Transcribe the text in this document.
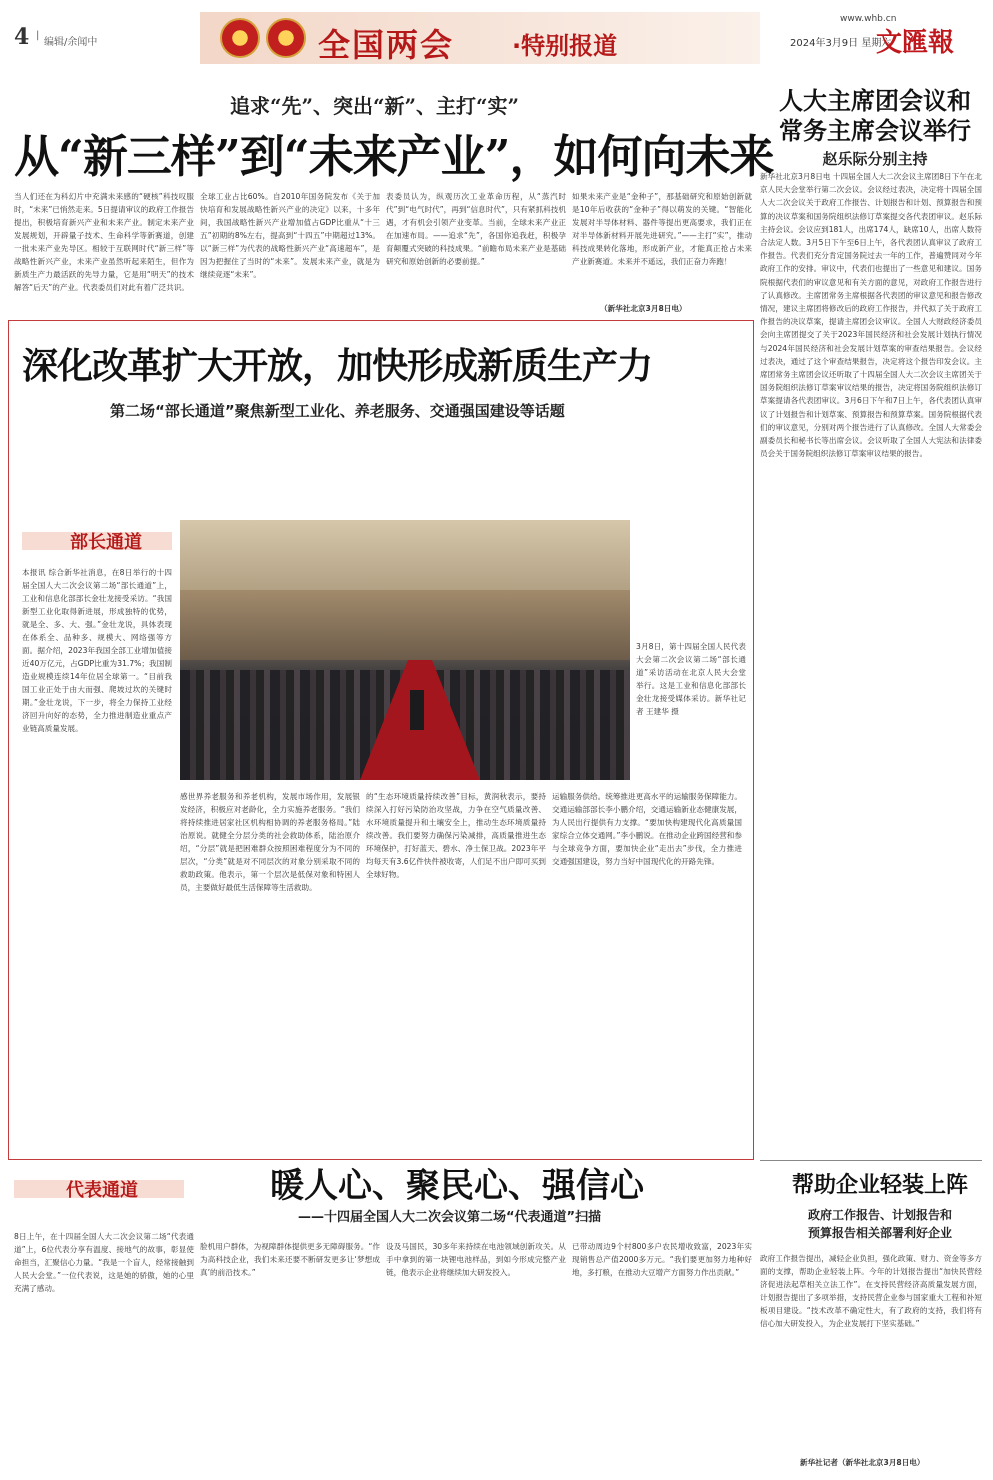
4 |
编辑/余闻中	全国两会 ·特别报道
www.whb.cn
2024年3月9日 星期六
文匯報
追求“先”、突出“新”、主打“实”
从“新三样”到“未来产业”，如何向未来
当人们还在为科幻片中充满未来感的“硬核”科技叹服时，“未来”已悄然走来。5日提请审议的政府工作报告提出，积极培育新兴产业和未来产业。制定未来产业发展规划，开辟量子技术、生命科学等新赛道，创建一批未来产业先导区。相较于互联网时代“新三样”等战略性新兴产业，未来产业虽然听起来陌生，但作为新质生产力最活跃的先导力量，它是用“明天”的技术解答“后天”的产业。代表委员们对此有着广泛共识。
全球工业占比60%。自2010年国务院发布《关于加快培育和发展战略性新兴产业的决定》以来，十多年间，我国战略性新兴产业增加值占GDP比重从“十三五”初期的8%左右，提高到“十四五”中期超过13%。以“新三样”为代表的战略性新兴产业“高速超车”，是因为把握住了当时的“未来”。发展未来产业，就是为继续竞逐“未来”。
表委员认为，纵观历次工业革命历程，从“蒸汽时代”到“电气时代”，再到“信息时代”，只有紧抓科技机遇，才有机会引领产业变革。当前，全球未来产业正在加速布局。——追求“先”，各国你追我赶，积极孕育颠覆式突破的科技成果。“前瞻布局未来产业是基础研究和原始创新的必要前提。”
如果未来产业是“金种子”，那基础研究和原始创新就是10年后收获的“金种子”得以萌发的关键。“智能化发展对半导体材料、器件等提出更高要求，我们正在对半导体新材料开展先进研究。”——主打“实”，推动科技成果转化落地，形成新产业，才能真正抢占未来产业新赛道。未来并不遥远，我们正奋力奔跑！
（新华社北京3月8日电）
人大主席团会议和
常务主席会议举行
赵乐际分别主持
新华社北京3月8日电 十四届全国人大二次会议主席团8日下午在北京人民大会堂举行第二次会议。会议经过表决，决定将十四届全国人大二次会议关于政府工作报告、计划报告和计划、预算报告和预算的决议草案和国务院组织法修订草案提交各代表团审议。赵乐际主持会议。会议应到181人，出席174人，缺席10人，出席人数符合法定人数。3月5日下午至6日上午，各代表团认真审议了政府工作报告。代表们充分肯定国务院过去一年的工作，普遍赞同对今年政府工作的安排。审议中，代表们也提出了一些意见和建议。国务院根据代表们的审议意见和有关方面的意见，对政府工作报告进行了认真修改。主席团常务主席根据各代表团的审议意见和报告修改情况，建议主席团将修改后的政府工作报告，并代拟了关于政府工作报告的决议草案，提请主席团会议审议。全国人大财政经济委员会向主席团提交了关于2023年国民经济和社会发展计划执行情况与2024年国民经济和社会发展计划草案的审查结果报告。会议经过表决，通过了这个审查结果报告，决定将这个报告印发会议。主席团常务主席团会议还听取了十四届全国人大二次会议主席团关于国务院组织法修订草案审议结果的报告，决定将国务院组织法修订草案提请各代表团审议。3月6日下午和7日上午，各代表团认真审议了计划报告和计划草案、预算报告和预算草案。国务院根据代表们的审议意见，分别对两个报告进行了认真修改。全国人大常委会副委员长和秘书长等出席会议。会议听取了全国人大宪法和法律委员会关于国务院组织法修订草案审议结果的报告。
深化改革扩大开放，加快形成新质生产力
第二场“部长通道”聚焦新型工业化、养老服务、交通强国建设等话题
部长通道
3月8日，第十四届全国人民代表大会第二次会议第二场“部长通道”采访活动在北京人民大会堂举行。这是工业和信息化部部长金壮龙接受媒体采访。新华社记者 王建华 摄
本报讯 综合新华社消息，在8日举行的十四届全国人大二次会议第二场“部长通道”上，工业和信息化部部长金壮龙接受采访。“我国新型工业化取得新进展，形成独特的优势，就是全、多、大、强。”金壮龙说，具体表现在体系全、品种多、规模大、网络强等方面。据介绍，2023年我国全部工业增加值接近40万亿元，占GDP比重为31.7%；我国制造业规模连续14年位居全球第一。“目前我国工业正处于由大而强、爬坡过坎的关键时期。”金壮龙说，下一步，将全力保持工业经济回升向好的态势，全力推进制造业重点产业链高质量发展。
感世界养老服务和养老机构，发展市场作用，发展银发经济，积极应对老龄化，全力实施养老服务。“我们将持续推进居家社区机构相协调的养老服务格局。”陆治原说。就健全分层分类的社会救助体系，陆治原介绍，“分层”就是把困难群众按照困难程度分为不同的层次，“分类”就是对不同层次的对象分别采取不同的救助政策。他表示，第一个层次是低保对象和特困人员，主要做好最低生活保障等生活救助。
的“生态环境质量持续改善”目标，黄润秋表示，要持续深入打好污染防治攻坚战，力争在空气质量改善、水环境质量提升和土壤安全上，推动生态环境质量持续改善。我们要努力确保污染减排，高质量推进生态环境保护，打好蓝天、碧水、净土保卫战。2023年平均每天有3.6亿件快件被收寄，人们足不出户即可买到全球好物。
运输服务供给。统筹推进更高水平的运输服务保障能力。交通运输部部长李小鹏介绍，交通运输新业态健康发展，为人民出行提供有力支撑。“要加快构建现代化高质量国家综合立体交通网。”李小鹏说。在推动企业跨国经营和参与全球竞争方面，要加快企业“走出去”步伐，全力推进交通强国建设，努力当好中国现代化的开路先锋。
代表通道	暖人心、聚民心、强信心
——十四届全国人大二次会议第二场“代表通道”扫描
8日上午，在十四届全国人大二次会议第二场“代表通道”上，6位代表分享有温度、接地气的故事，彰显使命担当，汇聚信心力量。“我是一个盲人，经常接触到人民大会堂。”一位代表说，这是她的骄傲，她的心里充满了感动。
脸机用户群体，为视障群体提供更多无障碍服务。“作为高科技企业，我们未来还要不断研发更多让‘梦想成真’的前沿技术。”
设及马国民，30多年来持续在电池领域创新攻关。从手中拿到的第一块锂电池样品，到如今形成完整产业链，他表示企业将继续加大研发投入。
已带动周边9个村800多户农民增收致富，2023年实现销售总产值2000多万元。“我们要更加努力地种好地，多打粮，在推动大豆增产方面努力作出贡献。”
帮助企业轻装上阵
政府工作报告、计划报告和
预算报告相关部署利好企业
政府工作报告提出，减轻企业负担，强化政策、财力、资金等多方面的支撑，帮助企业轻装上阵。今年的计划报告提出“加快民营经济促进法起草相关立法工作”。在支持民营经济高质量发展方面，计划报告提出了多项举措，支持民营企业参与国家重大工程和补短板项目建设。“技术改革不确定性大，有了政府的支持，我们将有信心加大研发投入，为企业发展打下坚实基础。”
新华社记者（新华社北京3月8日电）
